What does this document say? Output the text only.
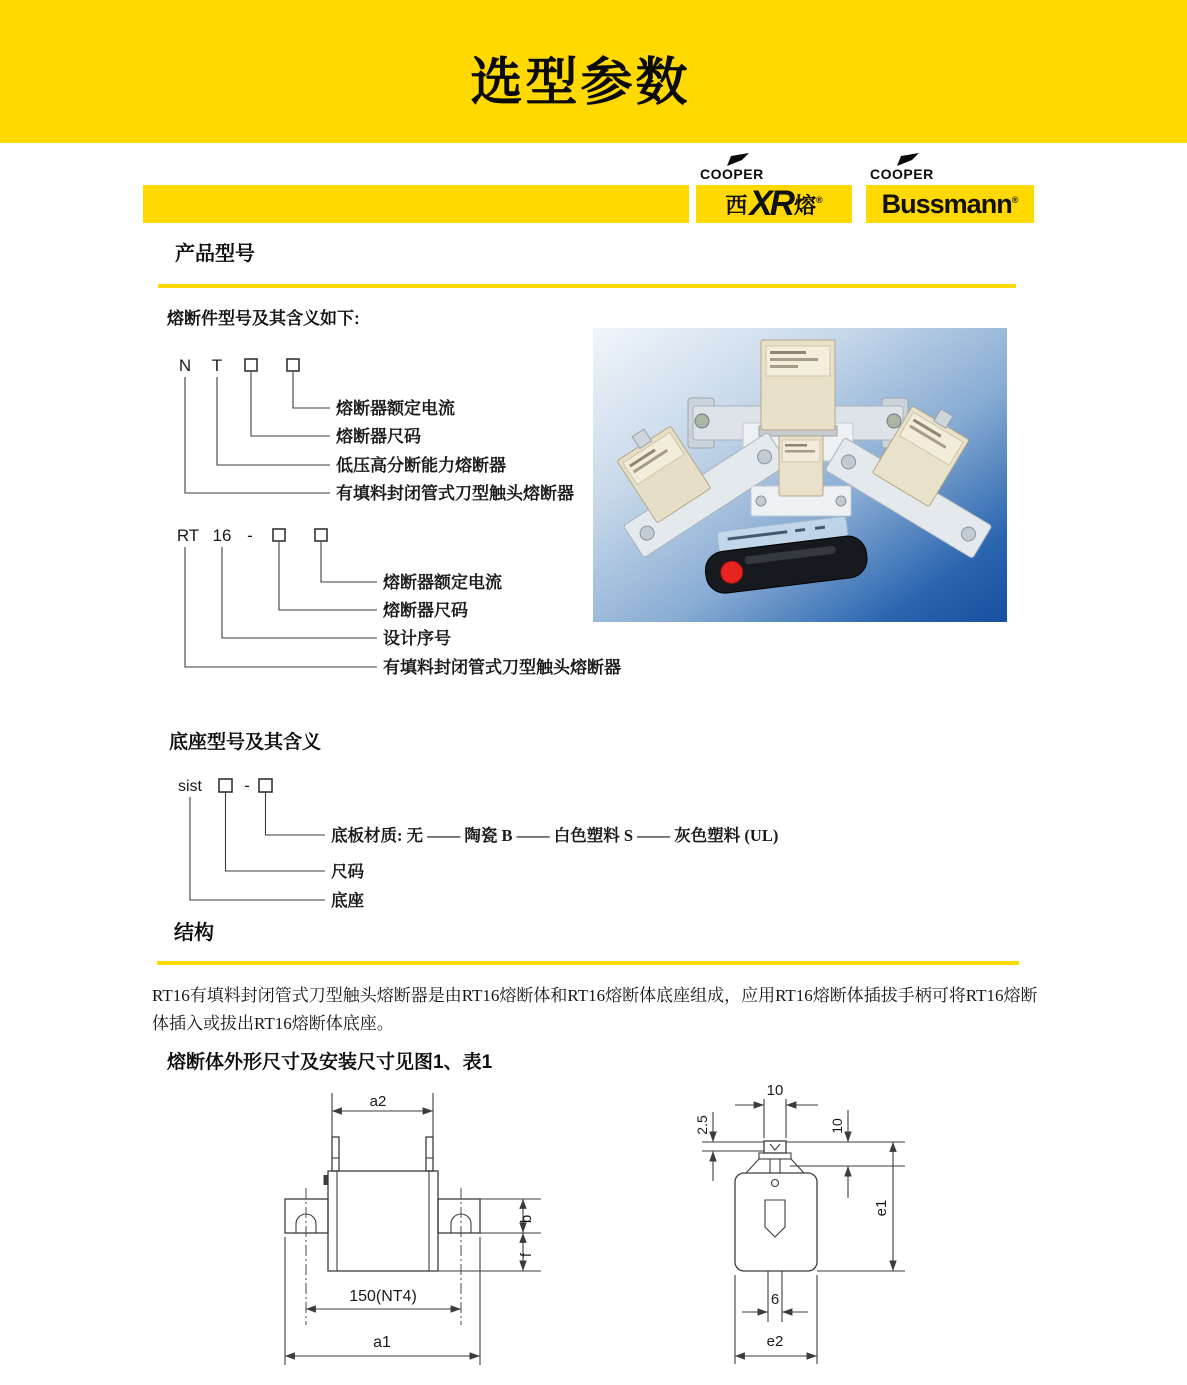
选型参数
COOPER
西 XR 熔 ®
COOPER
Bussmann ®
产品型号
熔断件型号及其含义如下:
N T
熔断器额定电流
熔断器尺码
低压高分断能力熔断器
有填料封闭管式刀型触头熔断器
RT 16 -
熔断器额定电流
熔断器尺码
设计序号
有填料封闭管式刀型触头熔断器
底座型号及其含义
sist -
底板材质: 无 —— 陶瓷 B —— 白色塑料 S —— 灰色塑料 (UL)
尺码
底座
结构
RT16有填料封闭管式刀型触头熔断器是由RT16熔断体和RT16熔断体底座组成，应用RT16熔断体插拔手柄可将RT16熔断
体插入或拔出RT16熔断体底座。
熔断体外形尺寸及安装尺寸见图1、表1
a2
b
f
150(NT4)
a1
10
2.5	10
e1
6
e2
